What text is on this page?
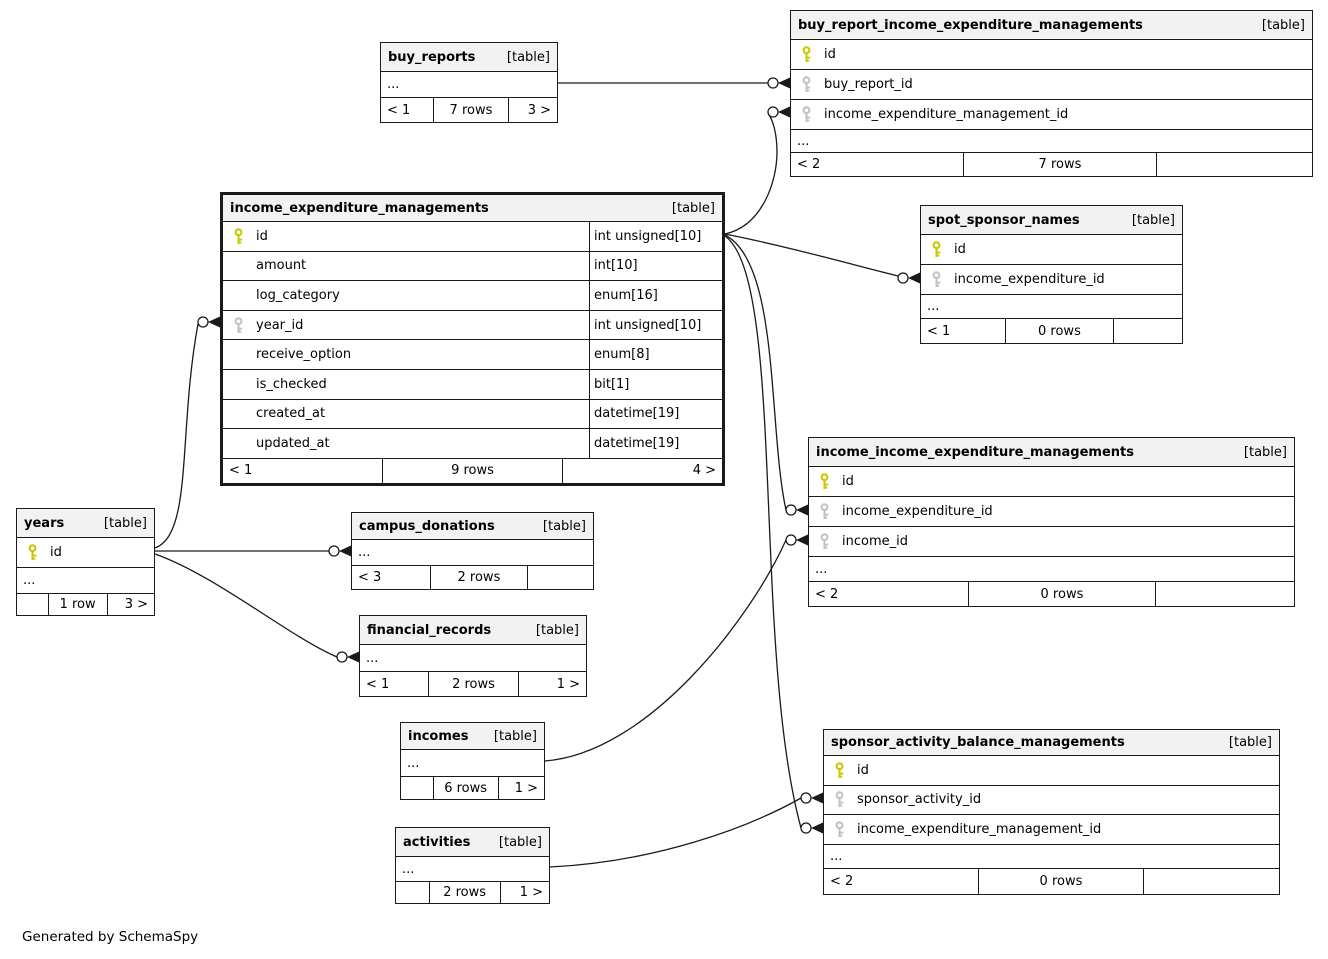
buy_reports [table]
...
< 1	7 rows	3 >
buy_report_income_expenditure_managements	[table]
id
buy_report_id
income_expenditure_management_id
...
< 2	7 rows
income_expenditure_managements	[table]
id	int unsigned[10]
amount	int[10]
log_category	enum[16]
year_id	int unsigned[10]
receive_option	enum[8]
is_checked	bit[1]
created_at	datetime[19]
updated_at	datetime[19]
< 1	9 rows	4 >
spot_sponsor_names	[table]
id
income_expenditure_id
...
< 1	0 rows
income_income_expenditure_managements	[table]
id
income_expenditure_id
income_id
...
< 2	0 rows
years	[table]
id
...
1 row	3 >
campus_donations	[table]
...
< 3	2 rows
financial_records	[table]
...
< 1	2 rows	1 >
incomes [table]
...
6 rows	1 >
activities [table]
...
2 rows	1 >
sponsor_activity_balance_managements	[table]
id
sponsor_activity_id
income_expenditure_management_id
...
< 2	0 rows
Generated by SchemaSpy
